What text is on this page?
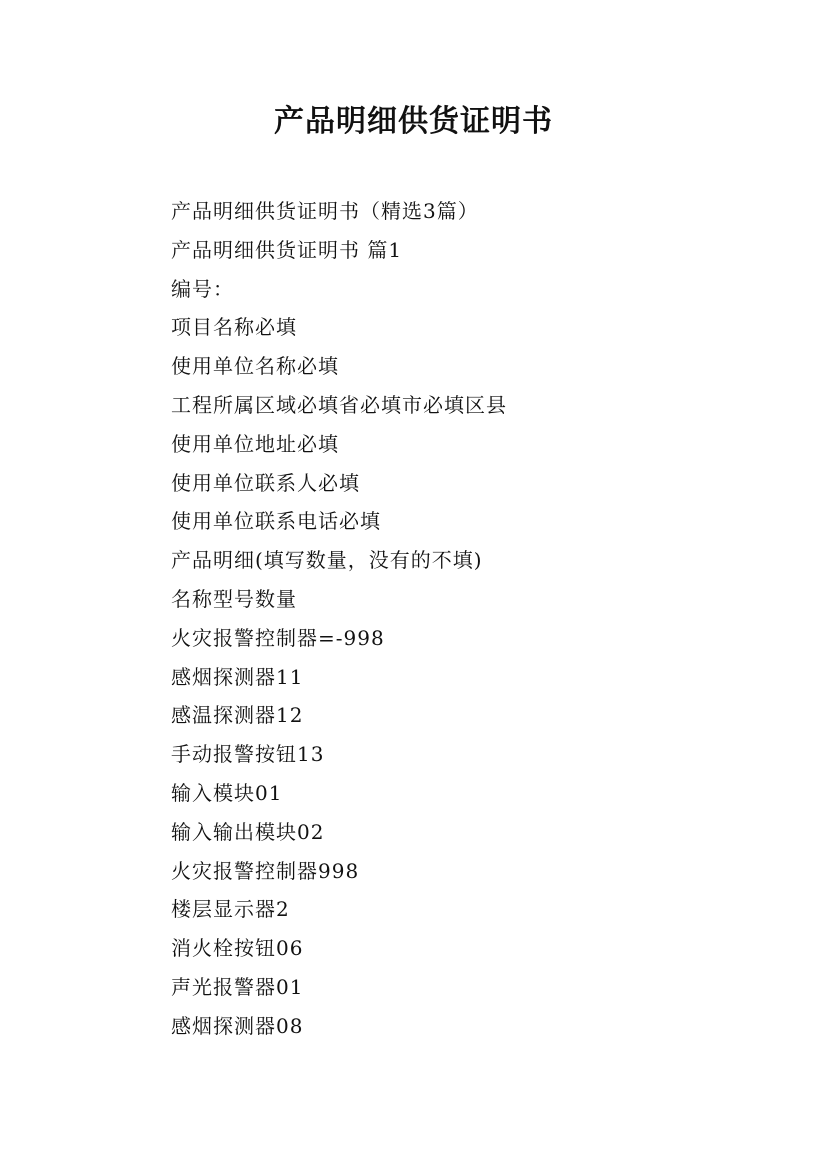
产品明细供货证明书
产品明细供货证明书（精选3篇）
产品明细供货证明书 篇1
编号：
项目名称必填
使用单位名称必填
工程所属区域必填省必填市必填区县
使用单位地址必填
使用单位联系人必填
使用单位联系电话必填
产品明细(填写数量，没有的不填)
名称型号数量
火灾报警控制器=-998
感烟探测器11
感温探测器12
手动报警按钮13
输入模块01
输入输出模块02
火灾报警控制器998
楼层显示器2
消火栓按钮06
声光报警器01
感烟探测器08
